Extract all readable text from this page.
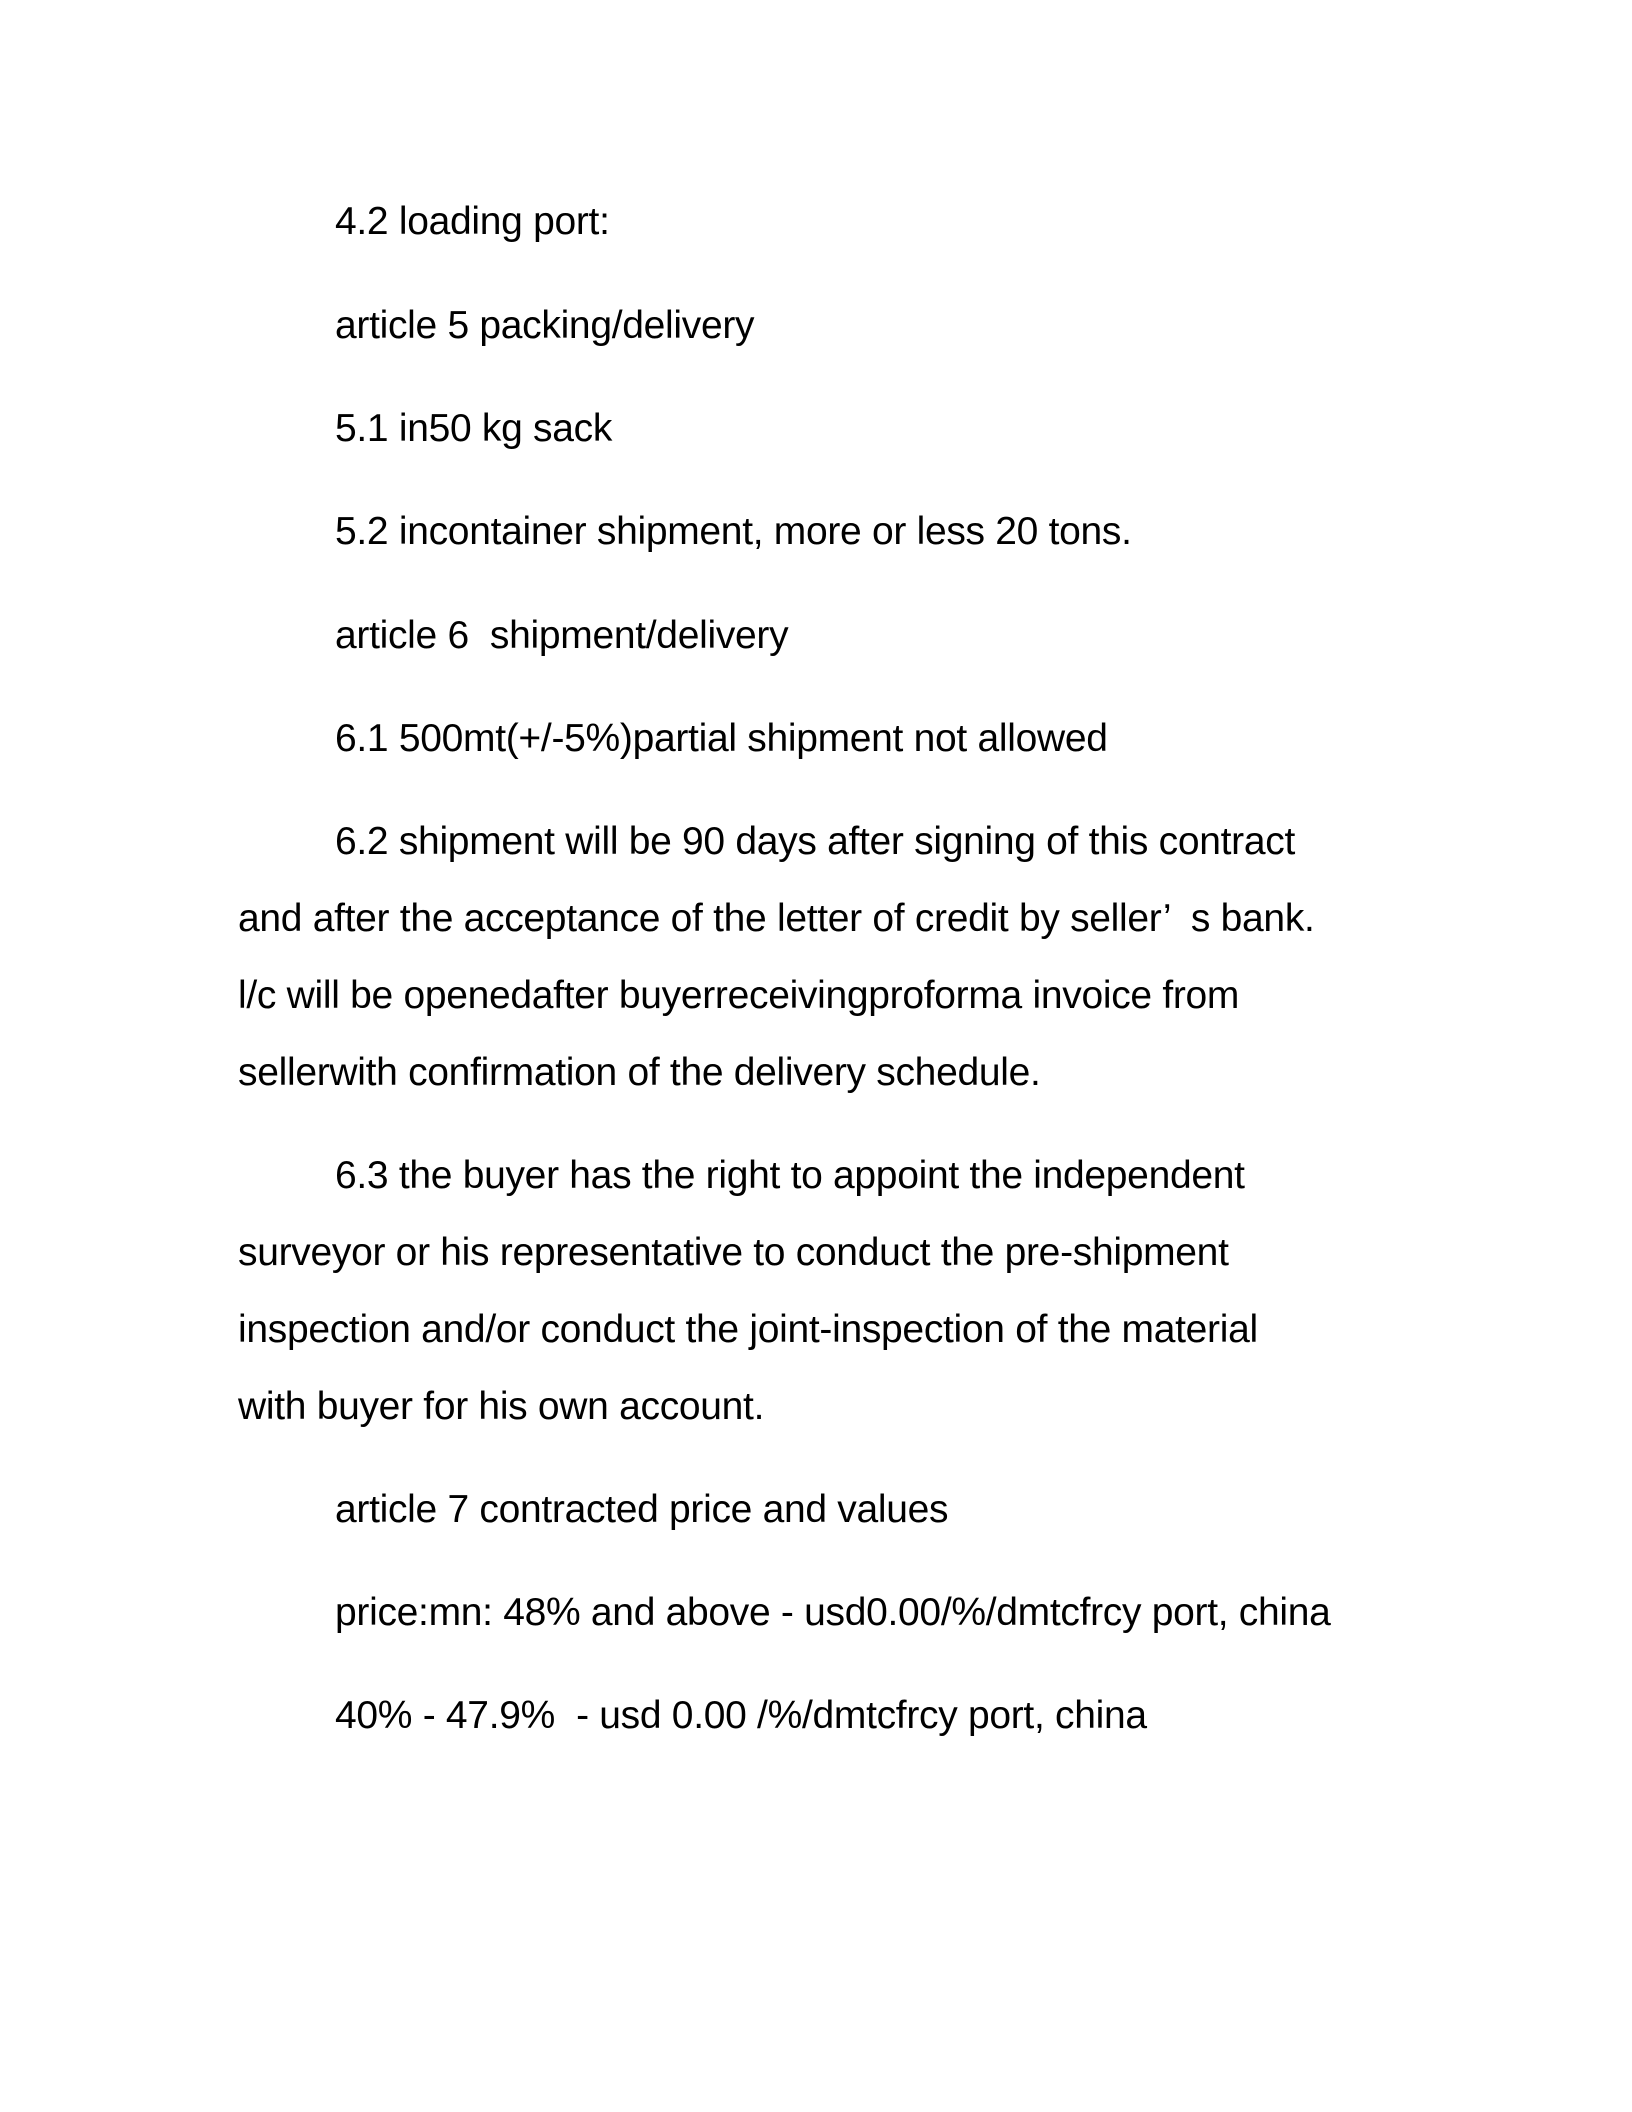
4.2 loading port:
article 5 packing/delivery
5.1 in50 kg sack
5.2 incontainer shipment, more or less 20 tons.
article 6  shipment/delivery
6.1 500mt(+/-5%)partial shipment not allowed
6.2 shipment will be 90 days after signing of this contract
and after the acceptance of the letter of credit by seller’  s bank.
l/c will be openedafter buyerreceivingproforma invoice from
sellerwith confirmation of the delivery schedule.
6.3 the buyer has the right to appoint the independent
surveyor or his representative to conduct the pre-shipment
inspection and/or conduct the joint-inspection of the material
with buyer for his own account.
article 7 contracted price and values
price:mn: 48% and above - usd0.00/%/dmtcfrcy port, china
40% - 47.9%  - usd 0.00 /%/dmtcfrcy port, china
